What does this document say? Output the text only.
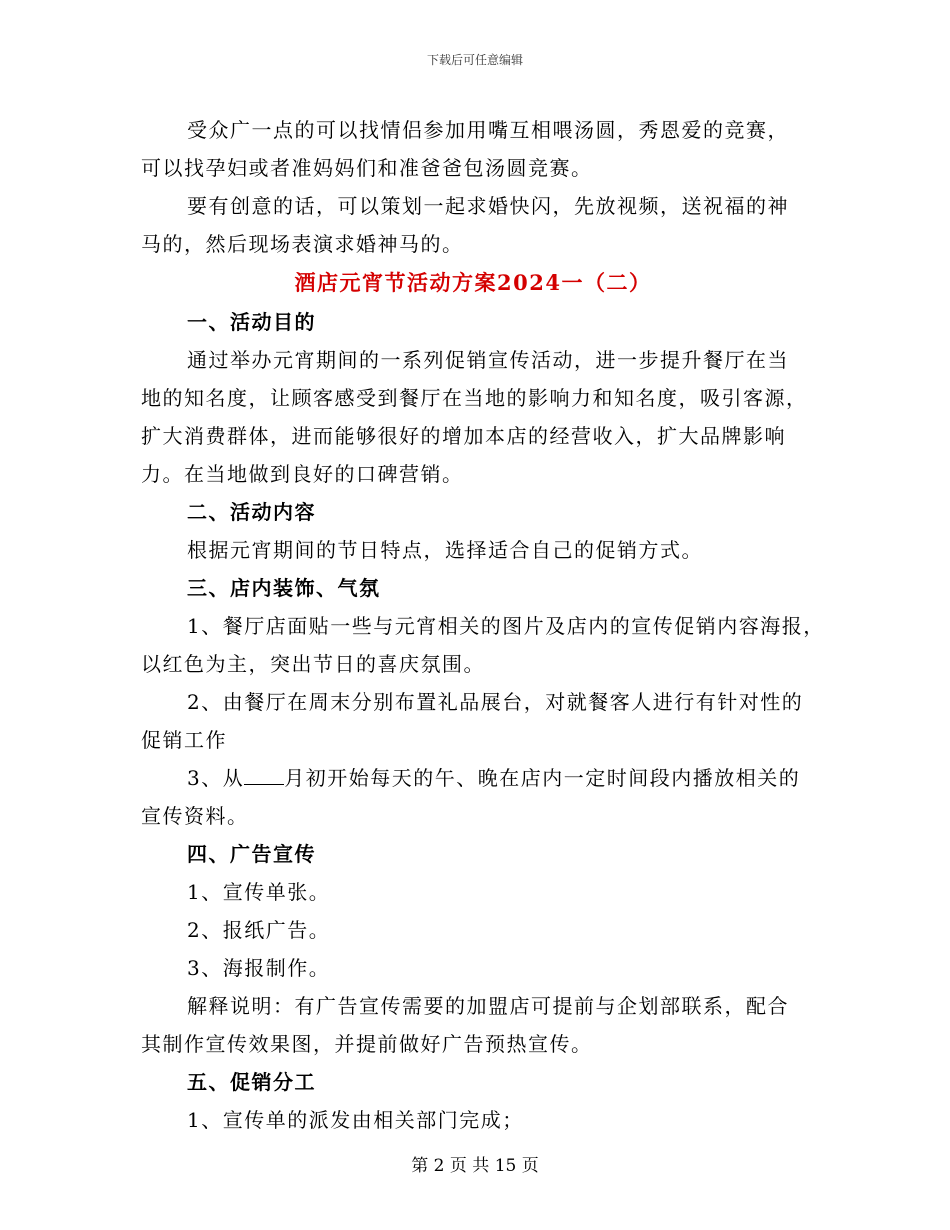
下载后可任意编辑

受众广一点的可以找情侣参加用嘴互相喂汤圆，秀恩爱的竞赛，

可以找孕妇或者准妈妈们和准爸爸包汤圆竞赛。

要有创意的话，可以策划一起求婚快闪，先放视频，送祝福的神

马的，然后现场表演求婚神马的。

酒店元宵节活动方案2024一（二）

一、活动目的

通过举办元宵期间的一系列促销宣传活动，进一步提升餐厅在当

地的知名度，让顾客感受到餐厅在当地的影响力和知名度，吸引客源，

扩大消费群体，进而能够很好的增加本店的经营收入，扩大品牌影响

力。在当地做到良好的口碑营销。

二、活动内容

根据元宵期间的节日特点，选择适合自己的促销方式。

三、店内装饰、气氛

1、餐厅店面贴一些与元宵相关的图片及店内的宣传促销内容海报，

以红色为主，突出节日的喜庆氛围。

2、由餐厅在周末分别布置礼品展台，对就餐客人进行有针对性的

促销工作

3、从 月初开始每天的午、晚在店内一定时间段内播放相关的

宣传资料。

四、广告宣传

1、宣传单张。

2、报纸广告。

3、海报制作。

解释说明：有广告宣传需要的加盟店可提前与企划部联系，配合

其制作宣传效果图，并提前做好广告预热宣传。

五、促销分工

1、宣传单的派发由相关部门完成；

第 2 页 共 15 页
